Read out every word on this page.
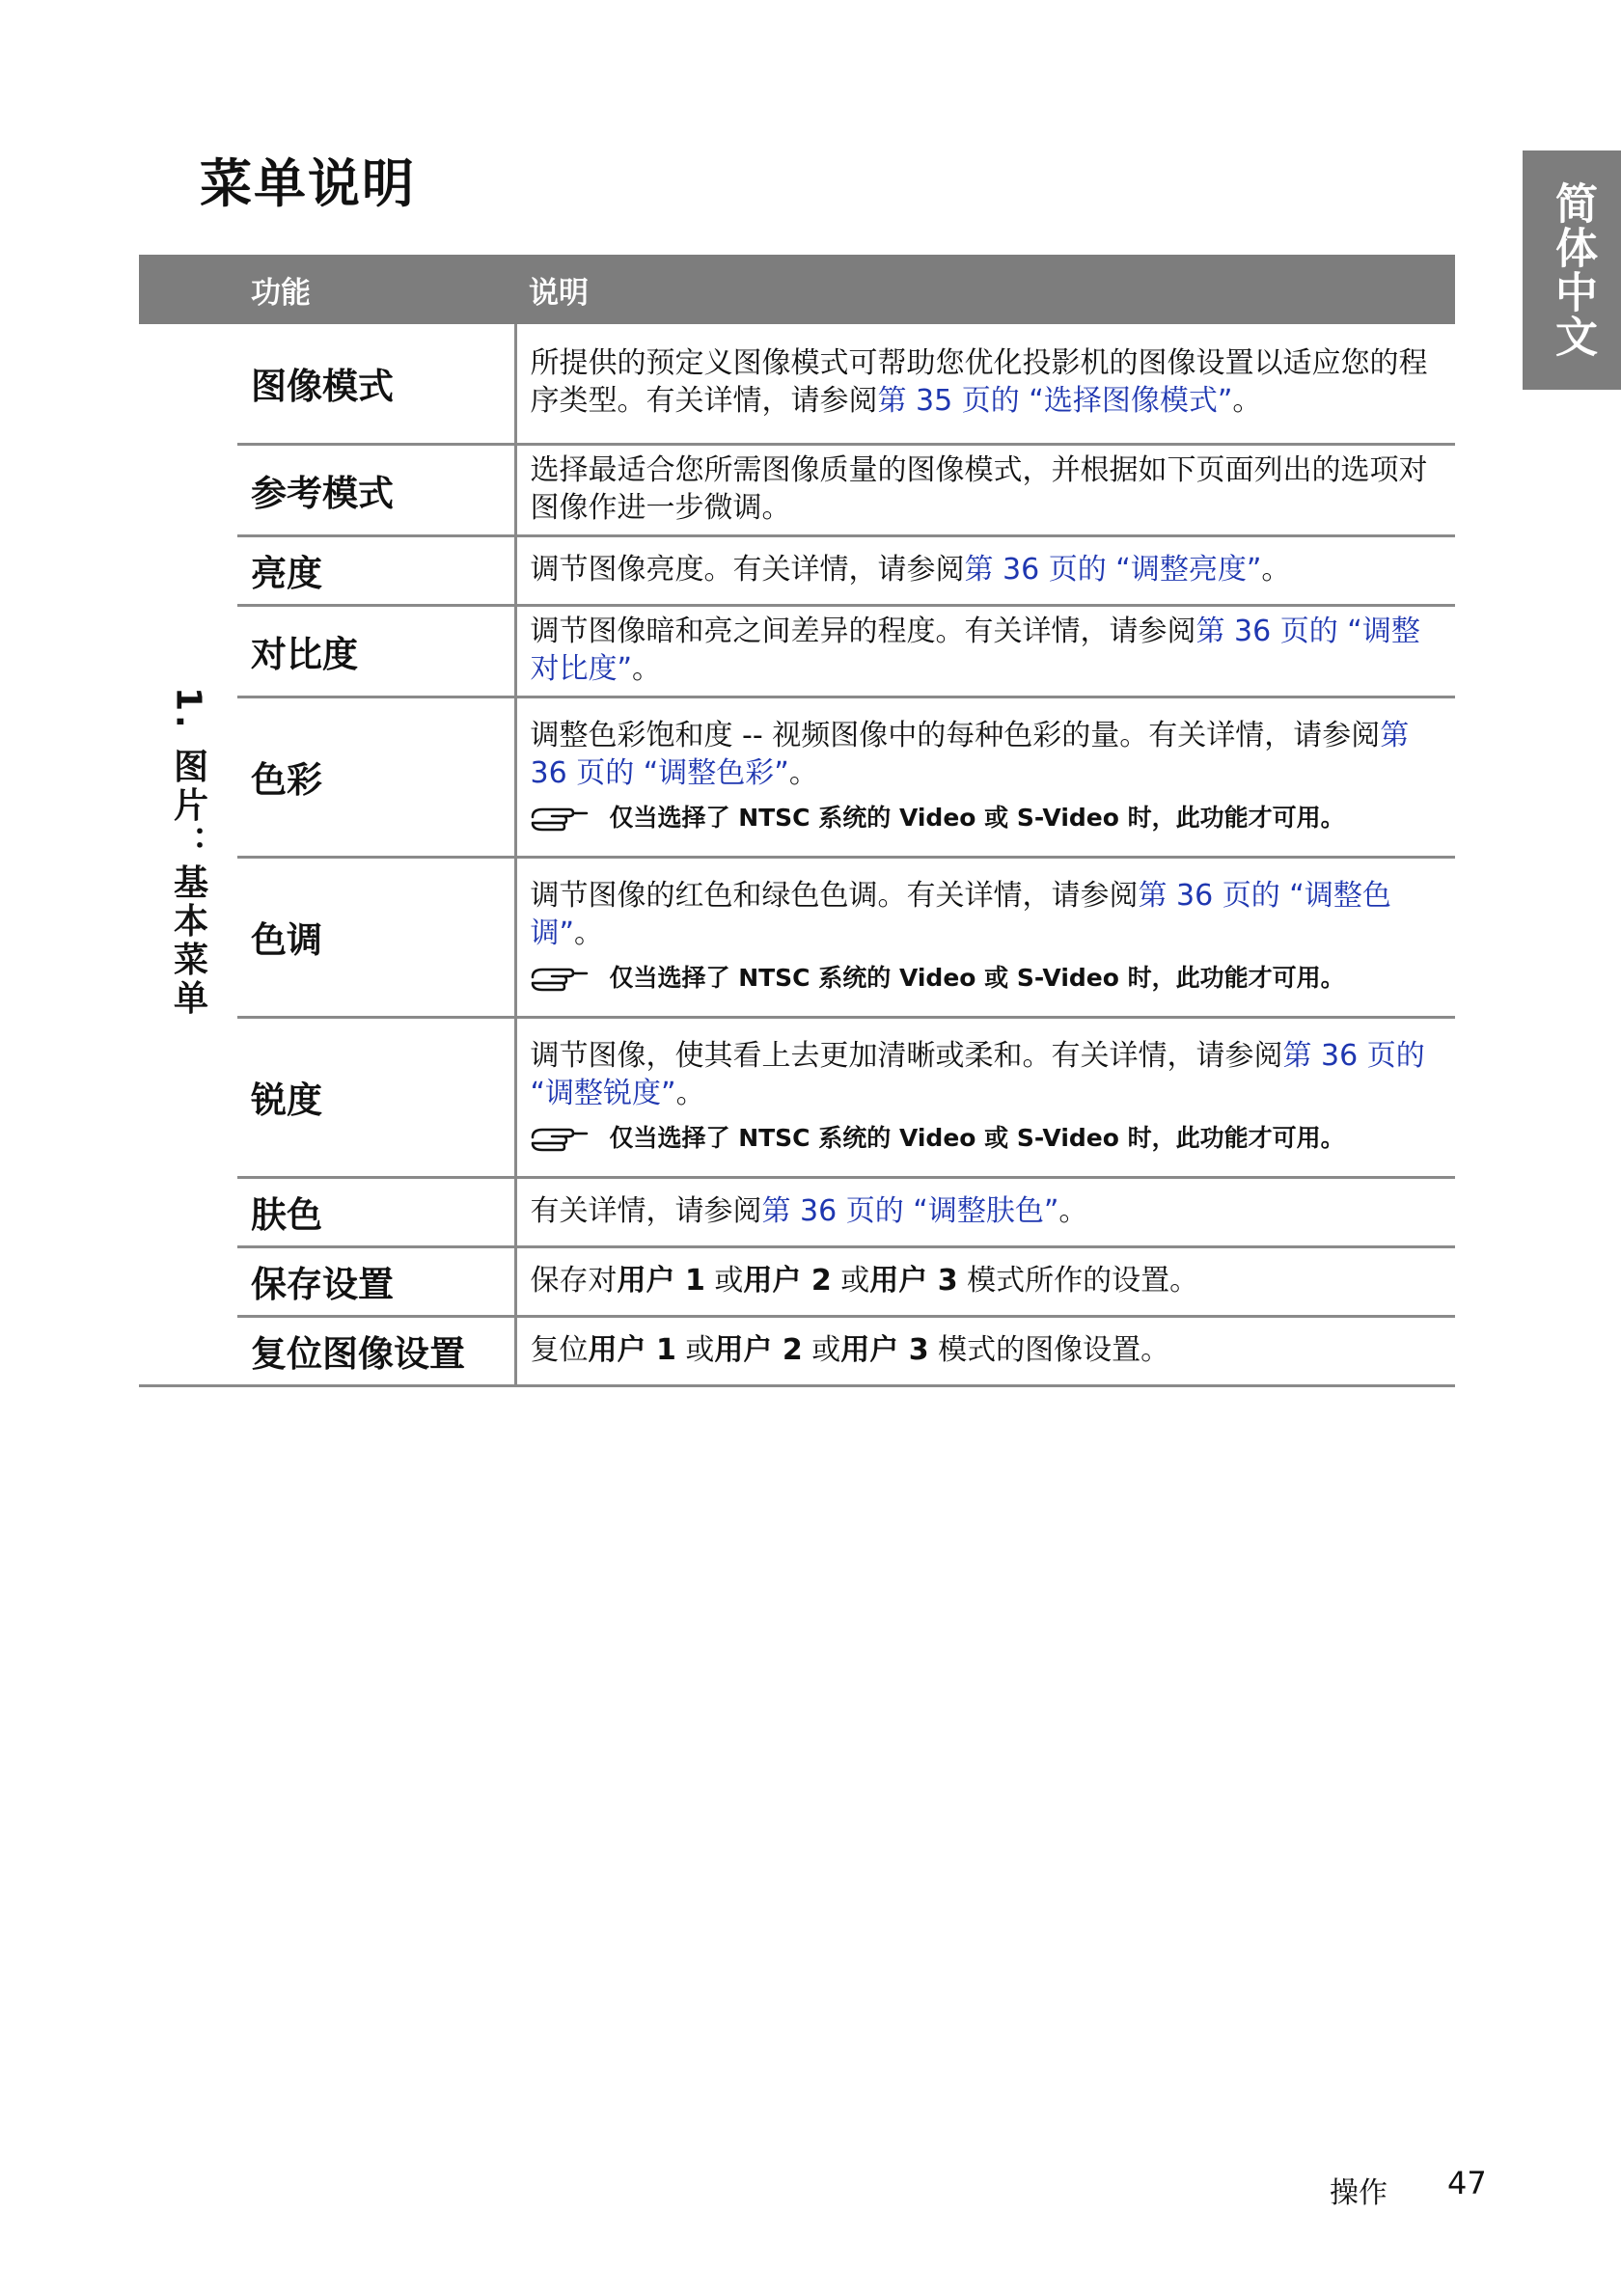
菜单说明	简体中文
	功能	说明
1. 图片：基本菜单	图像模式	所提供的预定义图像模式可帮助您优化投影机的图像设置以适应您的程序类型。有关详情，请参阅第 35 页的 “选择图像模式”。

	参考模式	选择最适合您所需图像质量的图像模式，并根据如下页面列出的选项对图像作进一步微调。

	亮度	调节图像亮度。有关详情，请参阅第 36 页的 “调整亮度”。

	对比度	调节图像暗和亮之间差异的程度。有关详情，请参阅第 36 页的 “调整对比度”。

	色彩	调整色彩饱和度 -- 视频图像中的每种色彩的量。有关详情，请参阅第 36 页的 “调整色彩”。
仅当选择了 NTSC 系统的 Video 或 S-Video 时，此功能才可用。

	色调	调节图像的红色和绿色色调。有关详情，请参阅第 36 页的 “调整色调”。
仅当选择了 NTSC 系统的 Video 或 S-Video 时，此功能才可用。

	锐度	调节图像，使其看上去更加清晰或柔和。有关详情，请参阅第 36 页的 “调整锐度”。
仅当选择了 NTSC 系统的 Video 或 S-Video 时，此功能才可用。

	肤色	有关详情，请参阅第 36 页的 “调整肤色”。

	保存设置	保存对用户 1 或用户 2 或用户 3 模式所作的设置。

	复位图像设置	复位用户 1 或用户 2 或用户 3 模式的图像设置。
操作 47
